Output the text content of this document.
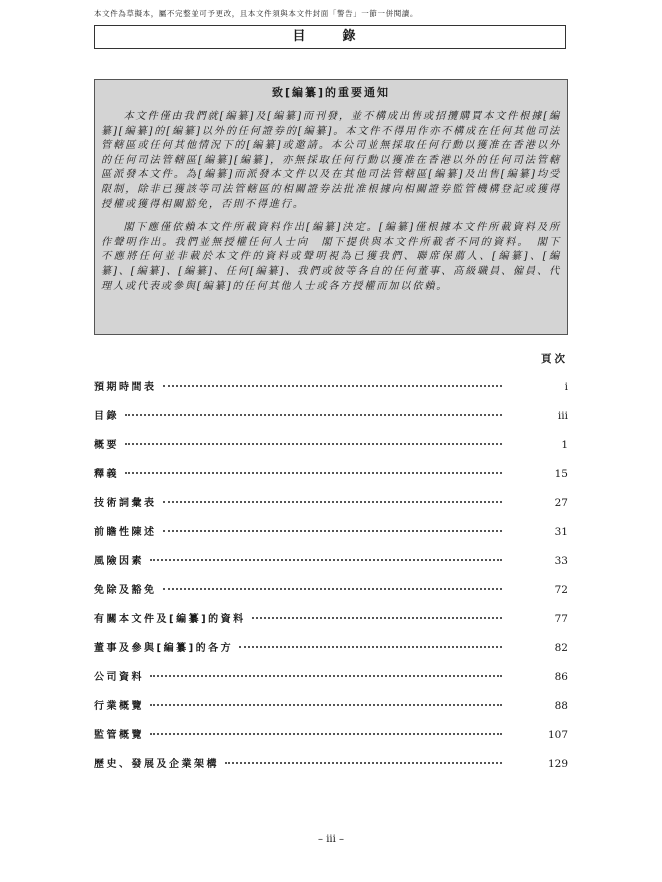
本文件為草擬本，屬不完整並可予更改，且本文件須與本文件封面「警告」一節一併閱讀。
目　錄
致[編纂]的重要通知

本文件僅由我們就[編纂]及[編纂]而刊發，並不構成出售或招攬購買本文件根據[編纂][編纂]的[編纂]以外的任何證券的[編纂]。本文件不得用作亦不構成在任何其他司法管轄區或任何其他情況下的[編纂]或邀請。本公司並無採取任何行動以獲准在香港以外的任何司法管轄區[編纂][編纂]，亦無採取任何行動以獲准在香港以外的任何司法管轄區派發本文件。為[編纂]而派發本文件以及在其他司法管轄區[編纂]及出售[編纂]均受限制，除非已獲該等司法管轄區的相關證券法批准根據向相關證券監管機構登記或獲得授權或獲得相關豁免，否則不得進行。

閣下應僅依賴本文件所載資料作出[編纂]決定。[編纂]僅根據本文件所載資料及所作聲明作出。我們並無授權任何人士向　閣下提供與本文件所載者不同的資料。　閣下不應將任何並非載於本文件的資料或聲明視為已獲我們、聯席保薦人、[編纂]、[編纂]、[編纂]、[編纂]、任何[編纂]、我們或彼等各自的任何董事、高級職員、僱員、代理人或代表或參與[編纂]的任何其他人士或各方授權而加以依賴。

頁次
預期時間表	i
目錄	iii
概要	1
釋義	15
技術詞彙表	27
前瞻性陳述	31
風險因素	33
免除及豁免	72
有關本文件及[編纂]的資料	77
董事及參與[編纂]的各方	82
公司資料	86
行業概覽	88
監管概覽	107
歷史、發展及企業架構	129
– iii –
